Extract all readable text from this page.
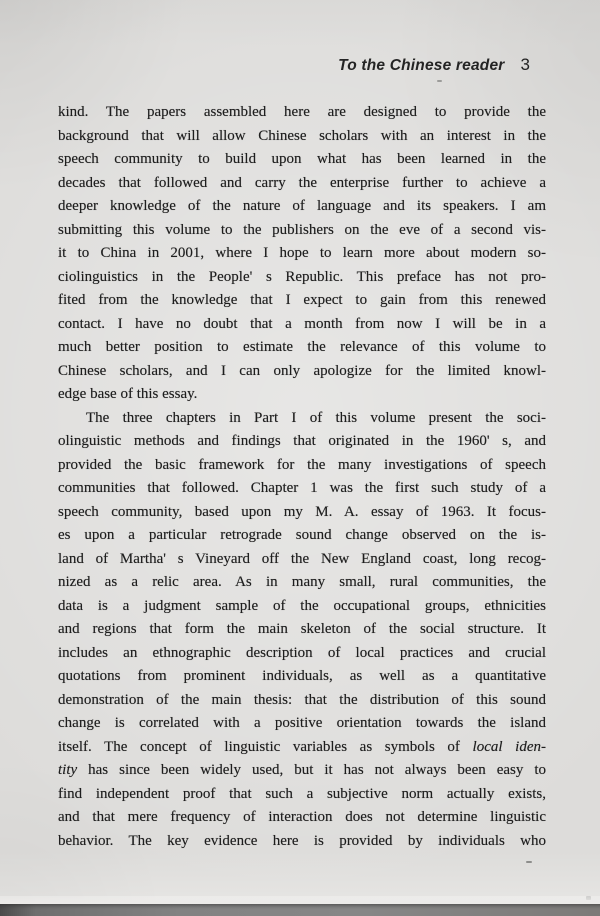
To the Chinese reader 3
kind. The papers assembled here are designed to provide the
background that will allow Chinese scholars with an interest in the
speech community to build upon what has been learned in the
decades that followed and carry the enterprise further to achieve a
deeper knowledge of the nature of language and its speakers. I am
submitting this volume to the publishers on the eve of a second vis-
it to China in 2001, where I hope to learn more about modern so-
ciolinguistics in the People' s Republic. This preface has not pro-
fited from the knowledge that I expect to gain from this renewed
contact. I have no doubt that a month from now I will be in a
much better position to estimate the relevance of this volume to
Chinese scholars, and I can only apologize for the limited knowl-
edge base of this essay.
The three chapters in Part I of this volume present the soci-
olinguistic methods and findings that originated in the 1960' s, and
provided the basic framework for the many investigations of speech
communities that followed. Chapter 1 was the first such study of a
speech community, based upon my M. A. essay of 1963. It focus-
es upon a particular retrograde sound change observed on the is-
land of Martha' s Vineyard off the New England coast, long recog-
nized as a relic area. As in many small, rural communities, the
data is a judgment sample of the occupational groups, ethnicities
and regions that form the main skeleton of the social structure. It
includes an ethnographic description of local practices and crucial
quotations from prominent individuals, as well as a quantitative
demonstration of the main thesis: that the distribution of this sound
change is correlated with a positive orientation towards the island
itself. The concept of linguistic variables as symbols of local iden-
tity has since been widely used, but it has not always been easy to
find independent proof that such a subjective norm actually exists,
and that mere frequency of interaction does not determine linguistic
behavior. The key evidence here is provided by individuals who
